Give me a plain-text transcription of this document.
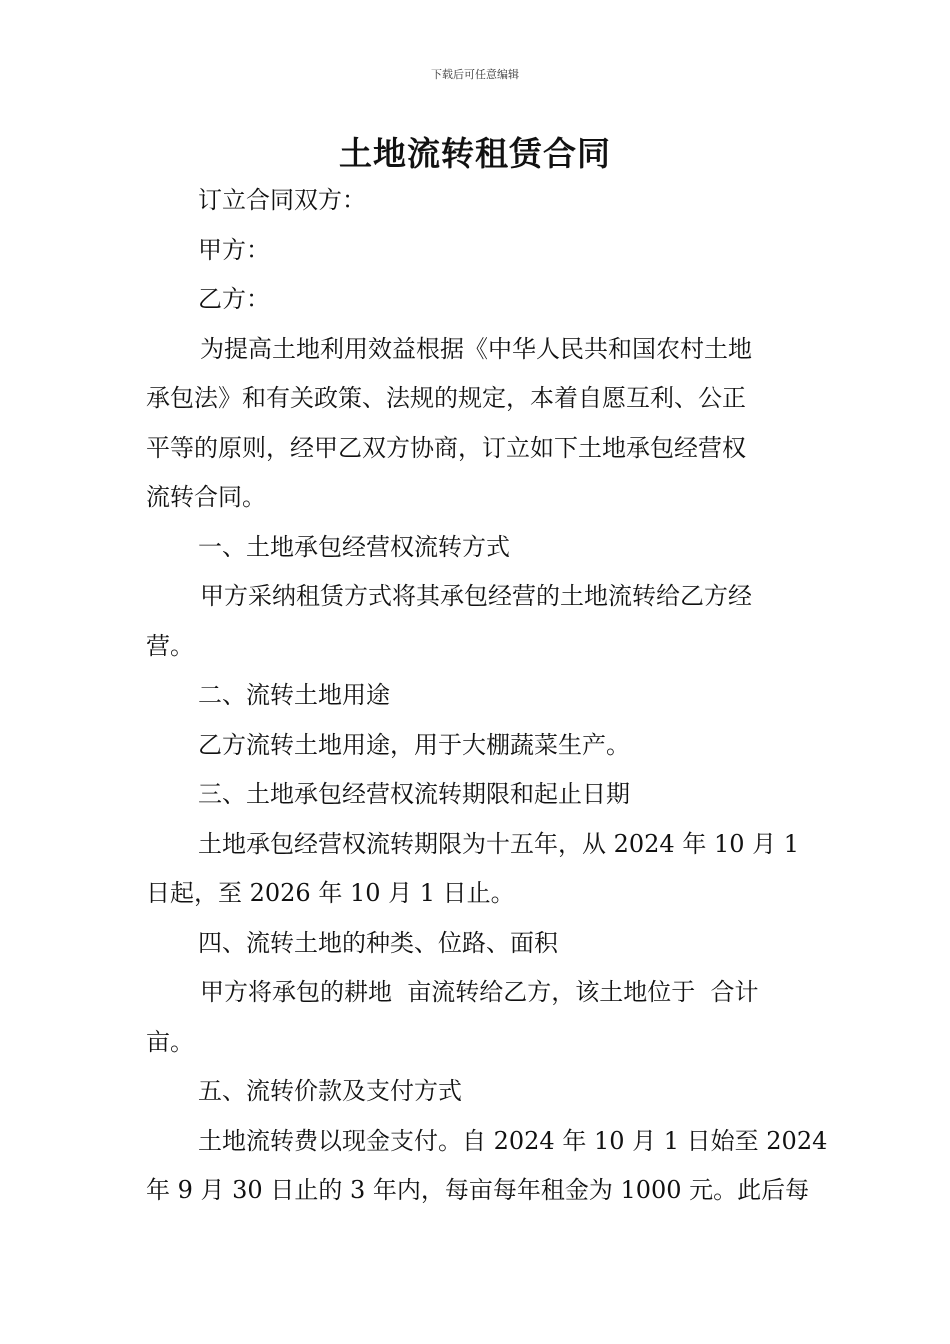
下载后可任意编辑
土地流转租赁合同

订立合同双方：

甲方：

乙方：

为提高土地利用效益根据《中华人民共和国农村土地
承包法》和有关政策、法规的规定，本着自愿互利、公正
平等的原则，经甲乙双方协商，订立如下土地承包经营权
流转合同。

一、土地承包经营权流转方式

甲方采纳租赁方式将其承包经营的土地流转给乙方经
营。

二、流转土地用途

乙方流转土地用途，用于大棚蔬菜生产。

三、土地承包经营权流转期限和起止日期

土地承包经营权流转期限为十五年，从 2024 年 10 月 1
日起，至 2026 年 10 月 1 日止。

四、流转土地的种类、位路、面积

甲方将承包的耕地  亩流转给乙方，该土地位于  合计
亩。

五、流转价款及支付方式

土地流转费以现金支付。自 2024 年 10 月 1 日始至 2024
年 9 月 30 日止的 3 年内，每亩每年租金为 1000 元。此后每
